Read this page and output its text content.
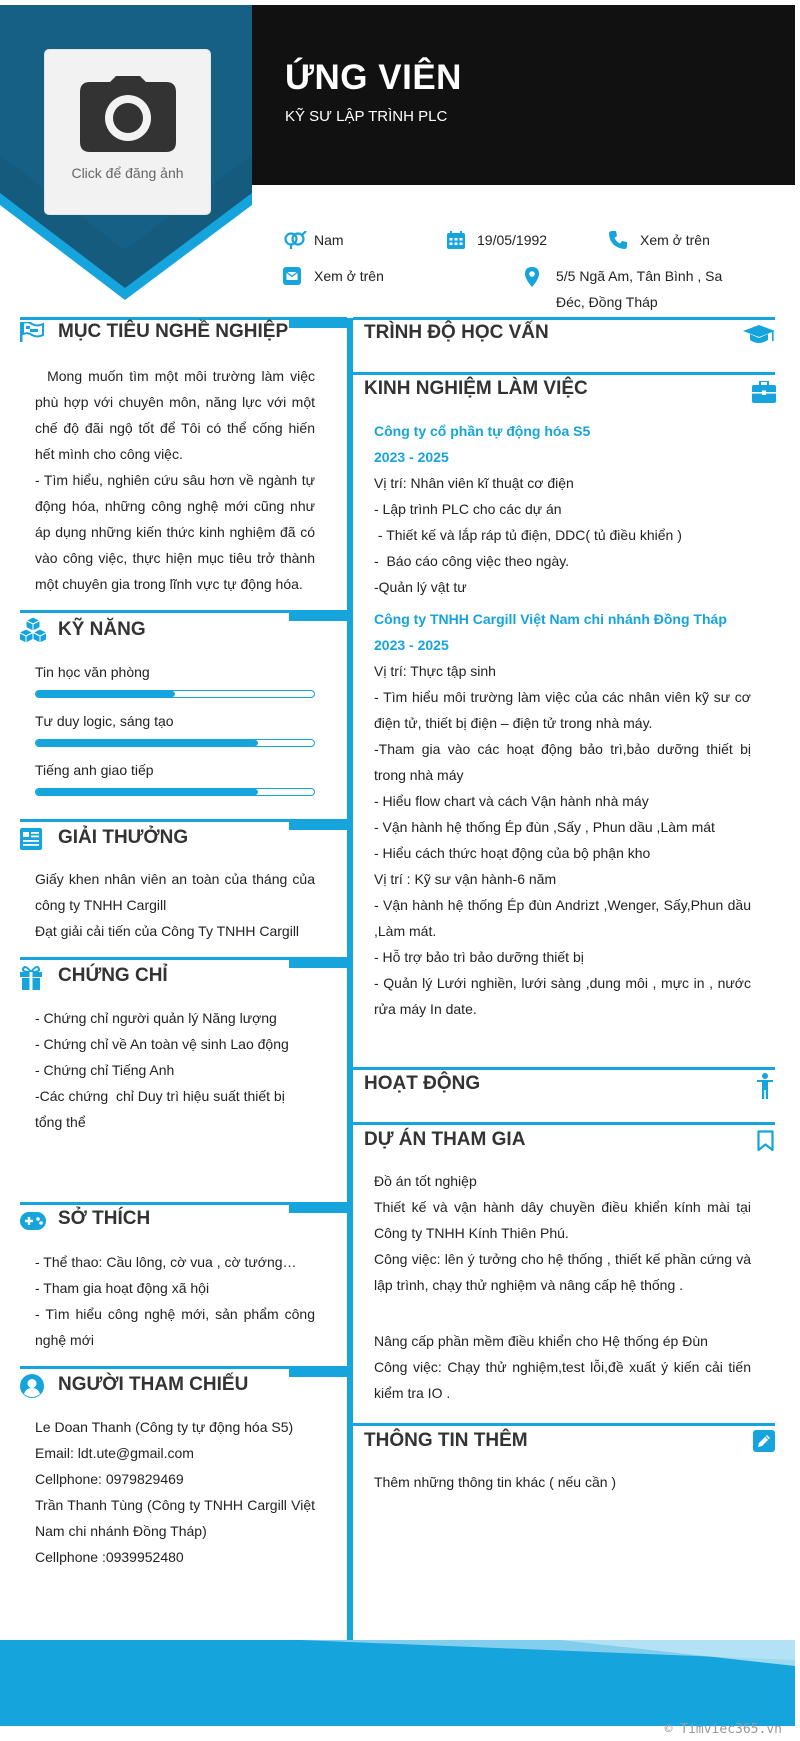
ỨNG VIÊN
KỸ SƯ LẬP TRÌNH PLC
Click để đăng ảnh
Nam	19/05/1992	Xem ở trên
Xem ở trên	5/5 Ngã Am, Tân Bình , Sa
Đéc, Đồng Tháp
MỤC TIÊU NGHỀ NGHIỆP

Mong muốn tìm một môi trường làm việc phù hợp với chuyên môn, năng lực với một chế độ đãi ngộ tốt để Tôi có thể cống hiến hết mình cho công việc.

- Tìm hiểu, nghiên cứu sâu hơn về ngành tự động hóa, những công nghệ mới cũng như áp dụng những kiến thức kinh nghiệm đã có vào công việc, thực hiện mục tiêu trở thành một chuyên gia trong lĩnh vực tự động hóa.

KỸ NĂNG
Tin học văn phòng
Tư duy logic, sáng tạo
Tiếng anh giao tiếp
GIẢI THƯỞNG

Giấy khen nhân viên an toàn của tháng của công ty TNHH Cargill

Đạt giải cải tiến của Công Ty TNHH Cargill

CHỨNG CHỈ

- Chứng chỉ người quản lý Năng lượng

- Chứng chỉ về An toàn vệ sinh Lao động

- Chứng chỉ Tiếng Anh

-Các chứng  chỉ Duy trì hiệu suất thiết bị tổng thể

SỞ THÍCH

- Thể thao: Cầu lông, cờ vua , cờ tướng…

- Tham gia hoạt động xã hội

- Tìm hiểu công nghệ mới, sản phẩm công nghệ mới

NGƯỜI THAM CHIẾU

Le Doan Thanh (Công ty tự động hóa S5)

Email: ldt.ute@gmail.com

Cellphone: 0979829469

Trần Thanh Tùng (Công ty TNHH Cargill Việt Nam chi nhánh Đồng Tháp)

Cellphone :0939952480

TRÌNH ĐỘ HỌC VẤN
KINH NGHIỆM LÀM VIỆC

Công ty cổ phần tự động hóa S5

2023 - 2025

Vị trí: Nhân viên kĩ thuật cơ điện

- Lập trình PLC cho các dự án

- Thiết kế và lắp ráp tủ điện, DDC( tủ điều khiển )

-  Báo cáo công việc theo ngày.

-Quản lý vật tư

Công ty TNHH Cargill Việt Nam chi nhánh Đồng Tháp

2023 - 2025

Vị trí: Thực tập sinh

- Tìm hiểu môi trường làm việc của các nhân viên kỹ sư cơ điện tử, thiết bị điện – điện tử trong nhà máy.

-Tham gia vào các hoạt động bảo trì,bảo dưỡng thiết bị trong nhà máy

- Hiểu flow chart và cách Vận hành nhà máy

- Vận hành hệ thống Ép đùn ,Sấy , Phun dầu ,Làm mát

- Hiểu cách thức hoạt động của bộ phận kho

Vị trí : Kỹ sư vận hành-6 năm

- Vận hành hệ thống Ép đùn Andrizt ,Wenger, Sấy,Phun dầu ,Làm mát.

- Hỗ trợ bảo trì bảo dưỡng thiết bị

- Quản lý Lưới nghiền, lưới sàng ,dung môi , mực in , nước rửa máy In date.

HOẠT ĐỘNG
DỰ ÁN THAM GIA

Đồ án tốt nghiệp

Thiết kế và vận hành dây chuyền điều khiển kính mài tại Công ty TNHH Kính Thiên Phú.

Công việc: lên ý tưởng cho hệ thống , thiết kế phần cứng và lập trình, chạy thử nghiệm và nâng cấp hệ thống .

Nâng cấp phần mềm điều khiển cho Hệ thống ép Đùn

Công việc: Chạy thử nghiệm,test lỗi,đề xuất ý kiến cải tiến kiểm tra IO .

THÔNG TIN THÊM
Thêm những thông tin khác ( nếu cần )
© Timviec365.vn
